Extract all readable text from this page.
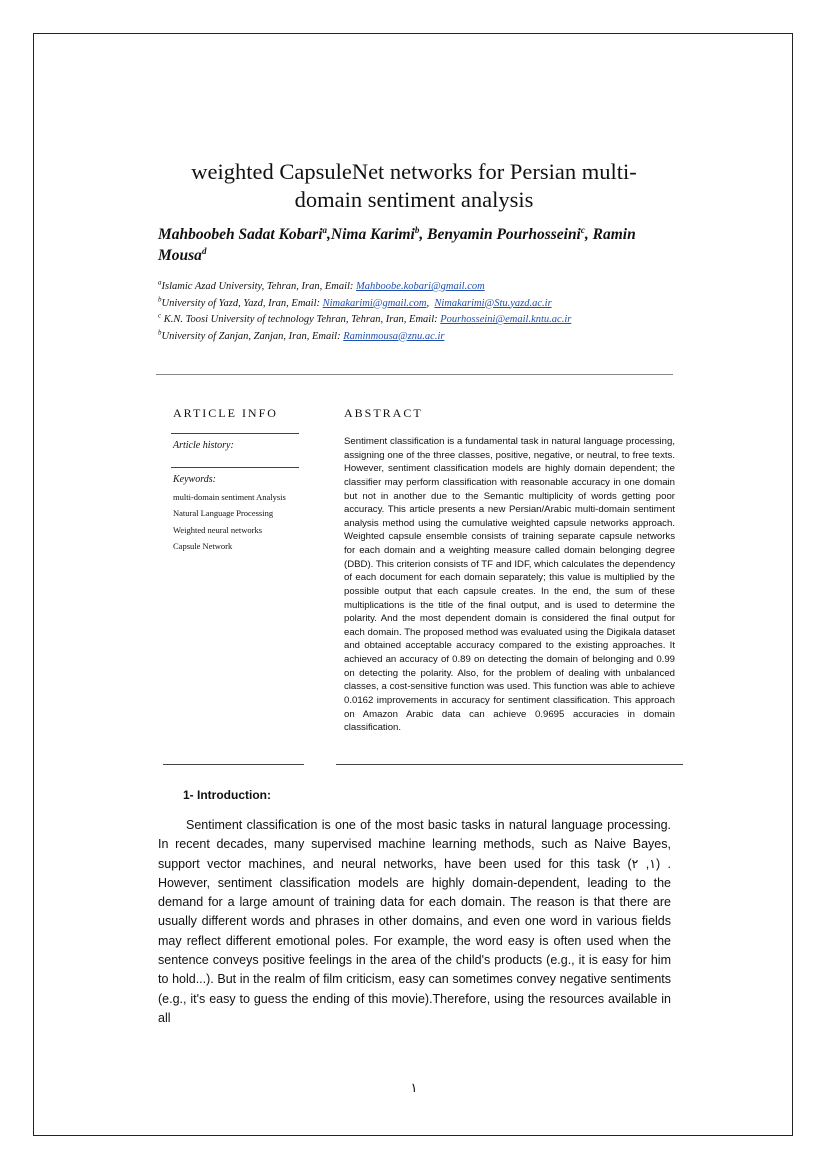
weighted CapsuleNet networks for Persian multi-domain sentiment analysis
Mahboobeh Sadat Kobari$^a$,Nima Karimi$^b$, Benyamin Pourhosseini$^c$, Ramin Mousa$^d$
$^a$Islamic Azad University, Tehran, Iran, Email: Mahboobe.kobari@gmail.com
$^b$University of Yazd, Yazd, Iran, Email: Nimakarimi@gmail.com,  Nimakarimi@Stu.yazd.ac.ir
$^c$ K.N. Toosi University of technology Tehran, Tehran, Iran, Email: Pourhosseini@email.kntu.ac.ir
$^b$University of Zanjan, Zanjan, Iran, Email: Raminmousa@znu.ac.ir
ARTICLE INFO	ABSTRACT
Article history:
Keywords:
multi-domain sentiment Analysis
Natural Language Processing
Weighted neural networks
Capsule Network
Sentiment classification is a fundamental task in natural language processing, assigning one of the three classes, positive, negative, or neutral, to free texts. However, sentiment classification models are highly domain dependent; the classifier may perform classification with reasonable accuracy in one domain but not in another due to the Semantic multiplicity of words getting poor accuracy. This article presents a new Persian/Arabic multi-domain sentiment analysis method using the cumulative weighted capsule networks approach. Weighted capsule ensemble consists of training separate capsule networks for each domain and a weighting measure called domain belonging degree (DBD). This criterion consists of TF and IDF, which calculates the dependency of each document for each domain separately; this value is multiplied by the possible output that each capsule creates. In the end, the sum of these multiplications is the title of the final output, and is used to determine the polarity. And the most dependent domain is considered the final output for each domain. The proposed method was evaluated using the Digikala dataset and obtained acceptable accuracy compared to the existing approaches. It achieved an accuracy of 0.89 on detecting the domain of belonging and 0.99 on detecting the polarity. Also, for the problem of dealing with unbalanced classes, a cost-sensitive function was used. This function was able to achieve 0.0162 improvements in accuracy for sentiment classification. This approach on Amazon Arabic data can achieve 0.9695 accuracies in domain classification.
1- Introduction:
Sentiment classification is one of the most basic tasks in natural language processing. In recent decades, many supervised machine learning methods, such as Naive Bayes, support vector machines, and neural networks, have been used for this task (۲ ,۱) . However, sentiment classification models are highly domain-dependent, leading to the demand for a large amount of training data for each domain. The reason is that there are usually different words and phrases in other domains, and even one word in various fields may reflect different emotional poles. For example, the word easy is often used when the sentence conveys positive feelings in the area of the child's products (e.g., it is easy for him to hold...). But in the realm of film criticism, easy can sometimes convey negative sentiments (e.g., it's easy to guess the ending of this movie).Therefore, using the resources available in all
۱
